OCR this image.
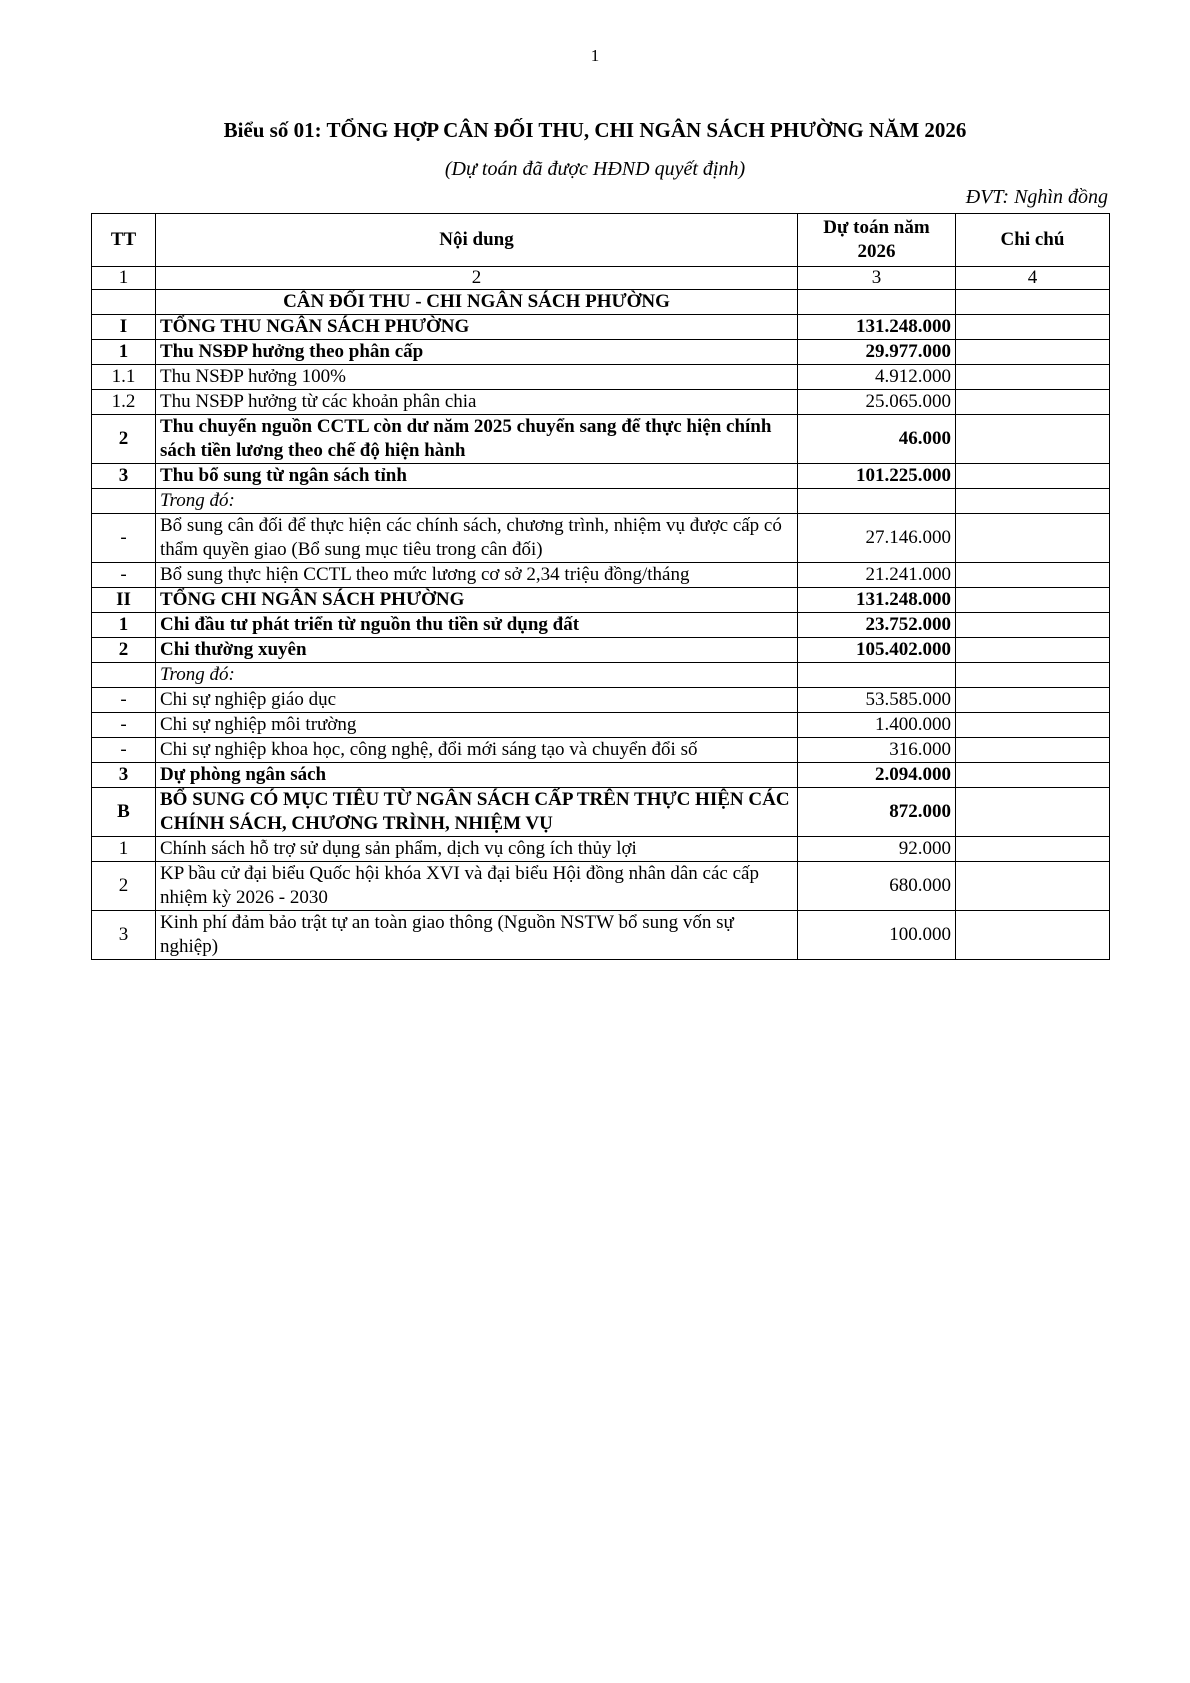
1
Biểu số 01: TỔNG HỢP CÂN ĐỐI THU, CHI NGÂN SÁCH PHƯỜNG NĂM 2026
(Dự toán đã được HĐND quyết định)
ĐVT: Nghìn đồng
TT	Nội dung	Dự toán năm 2026	Chi chú
1	2	3	4
	CÂN ĐỐI THU - CHI NGÂN SÁCH PHƯỜNG		
I	TỔNG THU NGÂN SÁCH PHƯỜNG	131.248.000	
1	Thu NSĐP hưởng theo phân cấp	29.977.000	
1.1	Thu NSĐP hưởng 100%	4.912.000	
1.2	Thu NSĐP hưởng từ các khoản phân chia	25.065.000	
2	Thu chuyển nguồn CCTL còn dư năm 2025 chuyển sang để thực hiện chính sách tiền lương theo chế độ hiện hành	46.000	
3	Thu bổ sung từ ngân sách tỉnh	101.225.000	
	Trong đó:		
-	Bổ sung cân đối để thực hiện các chính sách, chương trình, nhiệm vụ được cấp có thẩm quyền giao (Bổ sung mục tiêu trong cân đối)	27.146.000	
-	Bổ sung thực hiện CCTL theo mức lương cơ sở 2,34 triệu đồng/tháng	21.241.000	
II	TỔNG CHI NGÂN SÁCH PHƯỜNG	131.248.000	
1	Chi đầu tư phát triển từ nguồn thu tiền sử dụng đất	23.752.000	
2	Chi thường xuyên	105.402.000	
	Trong đó:		
-	Chi sự nghiệp giáo dục	53.585.000	
-	Chi sự nghiệp môi trường	1.400.000	
-	Chi sự nghiệp khoa học, công nghệ, đổi mới sáng tạo và chuyển đổi số	316.000	
3	Dự phòng ngân sách	2.094.000	
B	BỔ SUNG CÓ MỤC TIÊU TỪ NGÂN SÁCH CẤP TRÊN THỰC HIỆN CÁC CHÍNH SÁCH, CHƯƠNG TRÌNH, NHIỆM VỤ	872.000	
1	Chính sách hỗ trợ sử dụng sản phẩm, dịch vụ công ích thủy lợi	92.000	
2	KP bầu cử đại biểu Quốc hội khóa XVI và đại biểu Hội đồng nhân dân các cấp nhiệm kỳ 2026 - 2030	680.000	
3	Kinh phí đảm bảo trật tự an toàn giao thông (Nguồn NSTW bổ sung vốn sự nghiệp)	100.000	
